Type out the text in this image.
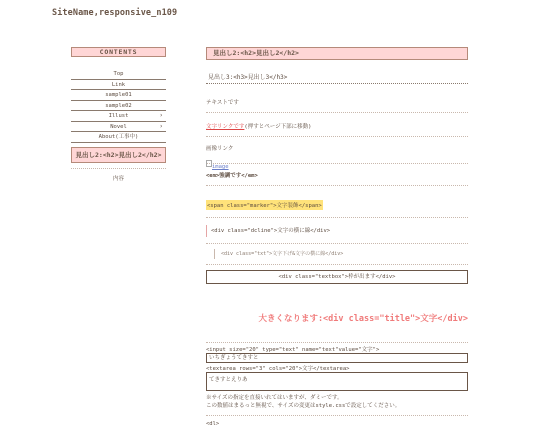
SiteName,responsive_n109
CONTENTS
Top
Link
sample01
sample02
Illust	›
Novel	›
About(工事中)
見出し2:<h2>見出し2</h2>
内容
見出し2:<h2>見出し2</h2>
見出し3:<h3>見出し3</h3>
テキストです
文字リンクです(押すとページ下部に移動)
画像リンク
image
<em>強調です</em>
<span class="marker">文字装飾</span>
<div class="dcline">文字の横に線</div>
<div class="txt">文字下げ&文字の横に線</div>
<div class="textbox">枠が出ます</div>
大きくなります:<div class="title">文字</div>
<input size="20" type="text" name="text"value="文字">
いちぎょうてきすと
<textarea rows="3" cols="20">文字</textarea>
てきすとえりあ
※サイズの指定を直接いれてはいますが、ダミーです。
この数値はまるっと無視で、サイズの変更はstyle.cssで設定してください。
<dl>
